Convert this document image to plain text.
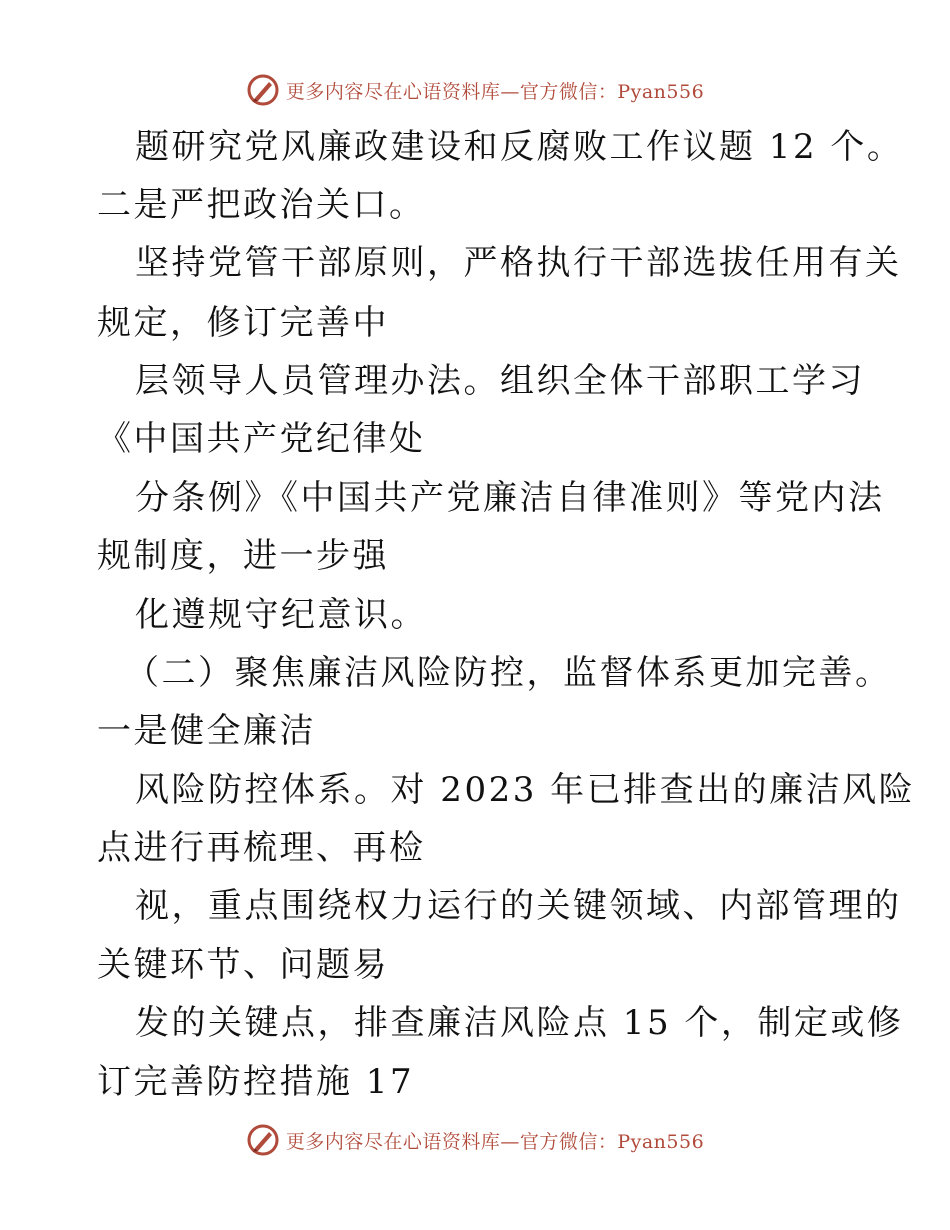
更多内容尽在心语资料库—官方微信：Pyan556
题研究党风廉政建设和反腐败工作议题 12 个。
二是严把政治关口。
坚持党管干部原则，严格执行干部选拔任用有关
规定，修订完善中
层领导人员管理办法。组织全体干部职工学习
《中国共产党纪律处
分条例》《中国共产党廉洁自律准则》等党内法
规制度，进一步强
化遵规守纪意识。
（二）聚焦廉洁风险防控，监督体系更加完善。
一是健全廉洁
风险防控体系。对 2023 年已排查出的廉洁风险
点进行再梳理、再检
视，重点围绕权力运行的关键领域、内部管理的
关键环节、问题易
发的关键点，排查廉洁风险点 15 个，制定或修
订完善防控措施 17
更多内容尽在心语资料库—官方微信：Pyan556
